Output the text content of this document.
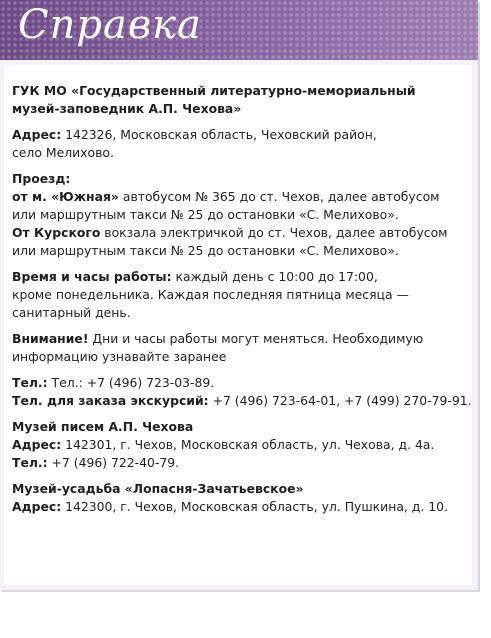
Справка
ГУК МО «Государственный литературно-мемориальный
музей-заповедник А.П. Чехова»
Адрес: 142326, Московская область, Чеховский район,
село Мелихово.
Проезд:
от м. «Южная» автобусом № 365 до ст. Чехов, далее автобусом
или маршрутным такси № 25 до остановки «С. Мелихово».
От Курского вокзала электричкой до ст. Чехов, далее автобусом
или маршрутным такси № 25 до остановки «С. Мелихово».
Время и часы работы: каждый день с 10:00 до 17:00,
кроме понедельника. Каждая последняя пятница месяца —
санитарный день.
Внимание! Дни и часы работы могут меняться. Необходимую
информацию узнавайте заранее
Тел.: Тел.: +7 (496) 723-03-89.
Тел. для заказа экскурсий: +7 (496) 723-64-01, +7 (499) 270-79-91.
Музей писем А.П. Чехова
Адрес: 142301, г. Чехов, Московская область, ул. Чехова, д. 4а.
Тел.: +7 (496) 722-40-79.
Музей-усадьба «Лопасня-Зачатьевское»
Адрес: 142300, г. Чехов, Московская область, ул. Пушкина, д. 10.
